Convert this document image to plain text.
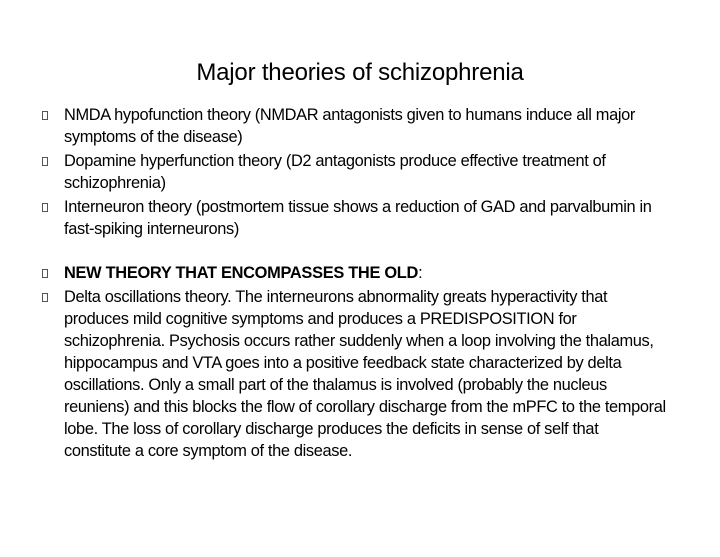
Major theories of schizophrenia
NMDA hypofunction theory (NMDAR antagonists given to humans induce all major symptoms of the disease)
Dopamine hyperfunction theory (D2 antagonists produce effective treatment of schizophrenia)
Interneuron theory (postmortem tissue shows a reduction of GAD and parvalbumin in fast-spiking interneurons)
NEW THEORY THAT ENCOMPASSES THE OLD:
Delta oscillations theory. The interneurons abnormality greats hyperactivity that produces mild cognitive symptoms and produces a PREDISPOSITION for schizophrenia. Psychosis occurs rather suddenly when a loop involving the thalamus, hippocampus and VTA goes into a positive feedback state characterized by delta oscillations. Only a small part of the thalamus is involved (probably the nucleus reuniens) and this blocks the flow of corollary discharge from the mPFC to the temporal lobe. The loss of corollary discharge produces the deficits in sense of self that constitute a core symptom of the disease.
